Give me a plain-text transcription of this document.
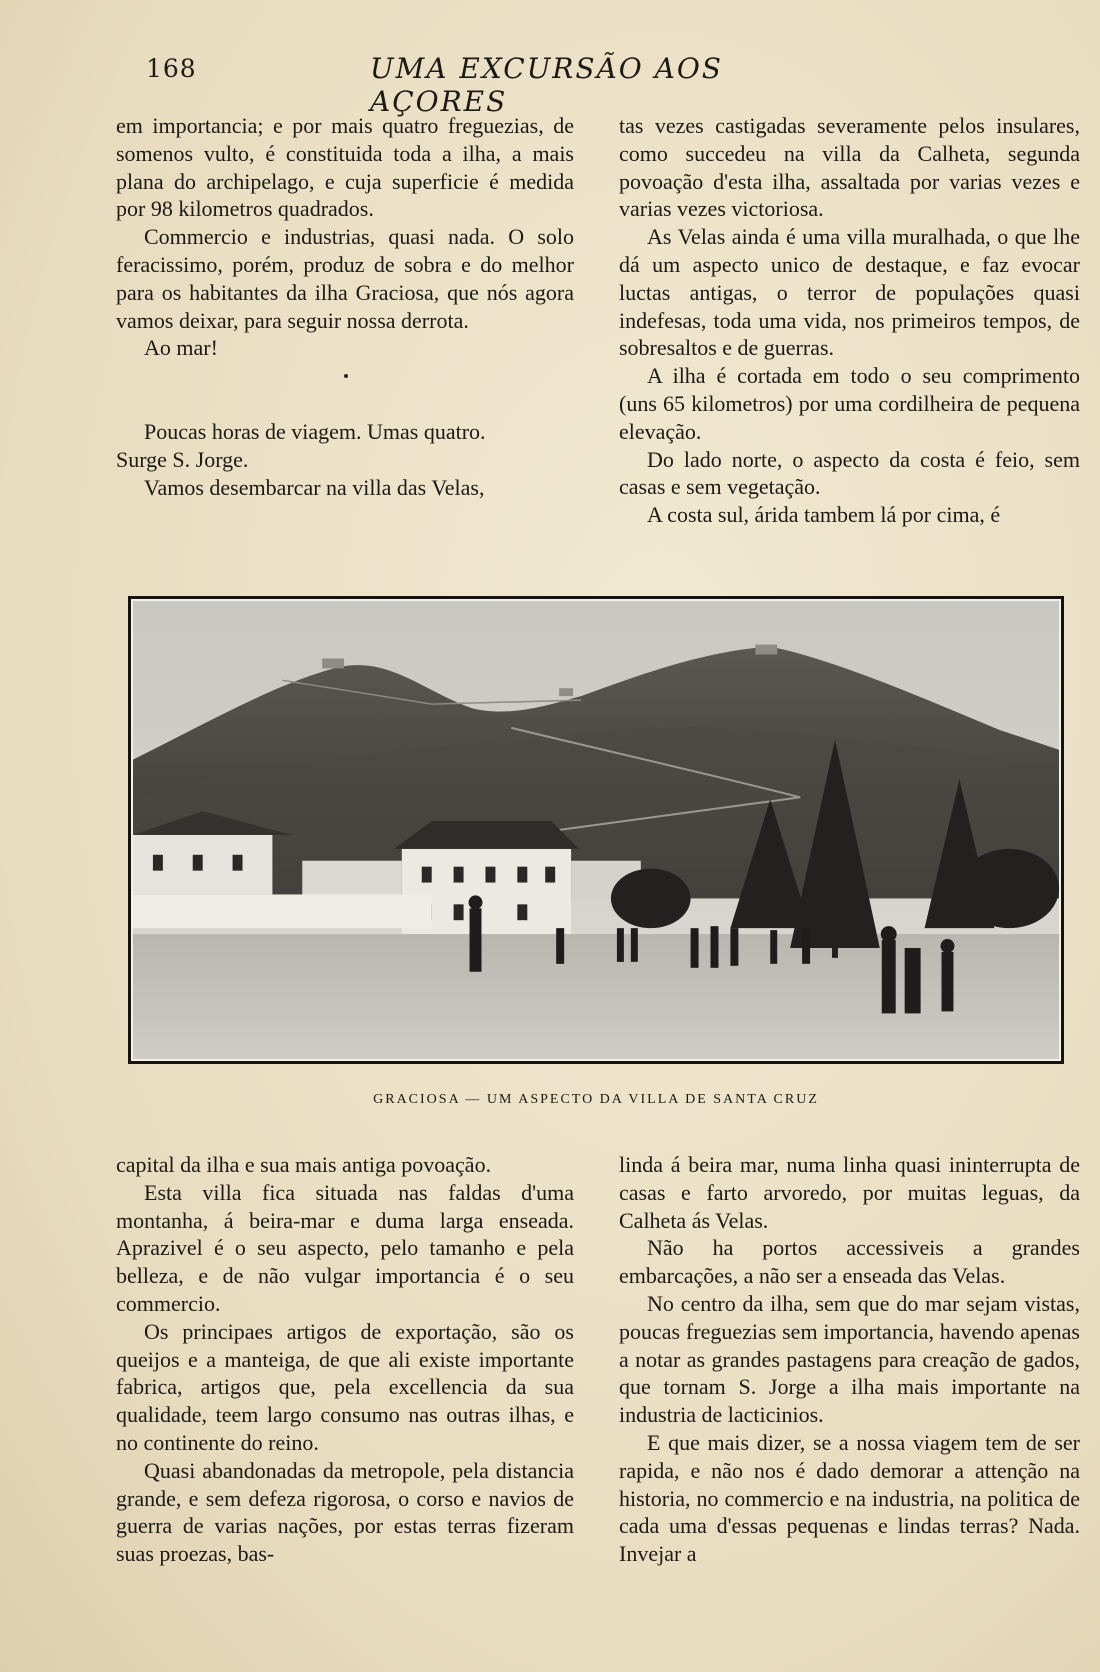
168	UMA EXCURSÃO AOS AÇORES

em importancia; e por mais quatro freguezias, de somenos vulto, é constituida toda a ilha, a mais plana do archipelago, e cuja superficie é medida por 98 kilometros quadrados.

Commercio e industrias, quasi nada. O solo feracissimo, porém, produz de sobra e do melhor para os habitantes da ilha Graciosa, que nós agora vamos deixar, para seguir nossa derrota.

Ao mar!

Poucas horas de viagem. Umas quatro.

Surge S. Jorge.

Vamos desembarcar na villa das Velas,

tas vezes castigadas severamente pelos insulares, como succedeu na villa da Calheta, segunda povoação d'esta ilha, assaltada por varias vezes e varias vezes victoriosa.

As Velas ainda é uma villa muralhada, o que lhe dá um aspecto unico de destaque, e faz evocar luctas antigas, o terror de populações quasi indefesas, toda uma vida, nos primeiros tempos, de sobresaltos e de guerras.

A ilha é cortada em todo o seu comprimento (uns 65 kilometros) por uma cordilheira de pequena elevação.

Do lado norte, o aspecto da costa é feio, sem casas e sem vegetação.

A costa sul, árida tambem lá por cima, é

GRACIOSA — UM ASPECTO DA VILLA DE SANTA CRUZ

capital da ilha e sua mais antiga povoação.

Esta villa fica situada nas faldas d'uma montanha, á beira-mar e duma larga enseada. Aprazivel é o seu aspecto, pelo tamanho e pela belleza, e de não vulgar importancia é o seu commercio.

Os principaes artigos de exportação, são os queijos e a manteiga, de que ali existe importante fabrica, artigos que, pela excellencia da sua qualidade, teem largo consumo nas outras ilhas, e no continente do reino.

Quasi abandonadas da metropole, pela distancia grande, e sem defeza rigorosa, o corso e navios de guerra de varias nações, por estas terras fizeram suas proezas, bas-

linda á beira mar, numa linha quasi ininterrupta de casas e farto arvoredo, por muitas leguas, da Calheta ás Velas.

Não ha portos accessiveis a grandes embarcações, a não ser a enseada das Velas.

No centro da ilha, sem que do mar sejam vistas, poucas freguezias sem importancia, havendo apenas a notar as grandes pastagens para creação de gados, que tornam S. Jorge a ilha mais importante na industria de lacticinios.

E que mais dizer, se a nossa viagem tem de ser rapida, e não nos é dado demorar a attenção na historia, no commercio e na industria, na politica de cada uma d'essas pequenas e lindas terras? Nada. Invejar a
